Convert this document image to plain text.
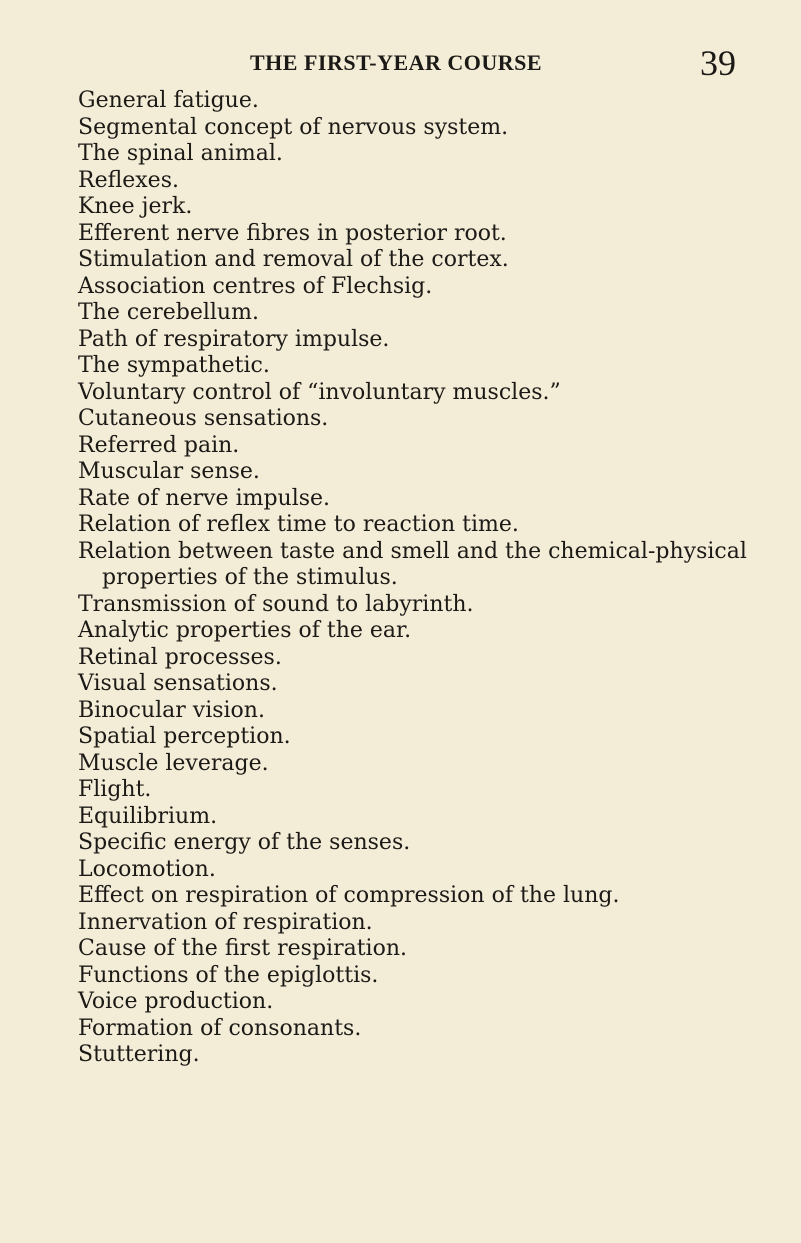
THE FIRST-YEAR COURSE	39
General fatigue.
Segmental concept of nervous system.
The spinal animal.
Reflexes.
Knee jerk.
Efferent nerve fibres in posterior root.
Stimulation and removal of the cortex.
Association centres of Flechsig.
The cerebellum.
Path of respiratory impulse.
The sympathetic.
Voluntary control of “involuntary muscles.”
Cutaneous sensations.
Referred pain.
Muscular sense.
Rate of nerve impulse.
Relation of reflex time to reaction time.
Relation between taste and smell and the chemical-physical properties of the stimulus.
Transmission of sound to labyrinth.
Analytic properties of the ear.
Retinal processes.
Visual sensations.
Binocular vision.
Spatial perception.
Muscle leverage.
Flight.
Equilibrium.
Specific energy of the senses.
Locomotion.
Effect on respiration of compression of the lung.
Innervation of respiration.
Cause of the first respiration.
Functions of the epiglottis.
Voice production.
Formation of consonants.
Stuttering.
